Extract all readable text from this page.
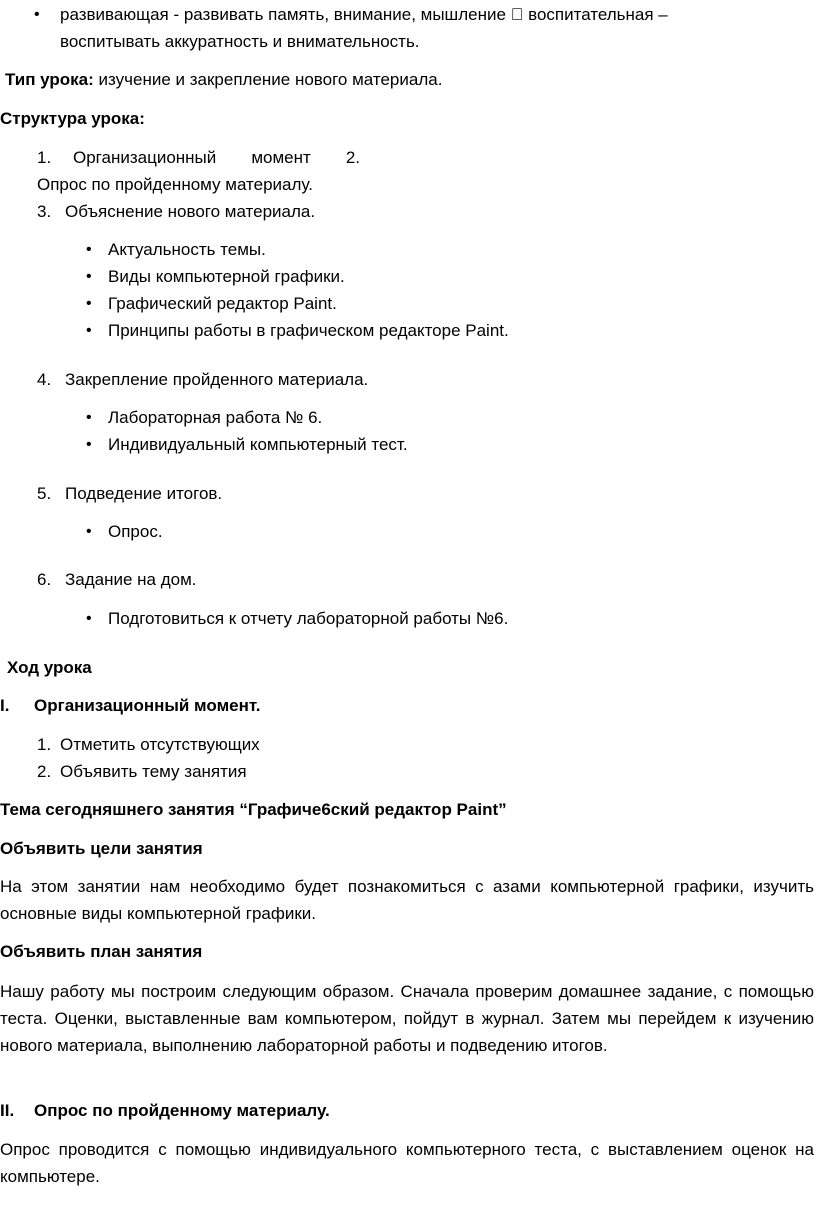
• развивающая - развивать память, внимание, мышление   воспитательная –
воспитывать аккуратность и внимательность.
Тип урока: изучение и закрепление нового материала.
Структура урока:
1. Организационный момент 2.
Опрос по пройденному материалу.
3. Объяснение нового материала.
• Актуальность темы.
• Виды компьютерной графики.
• Графический редактор Paint.
• Принципы работы в графическом редакторе Paint.
4. Закрепление пройденного материала.
• Лабораторная работа № 6.
• Индивидуальный компьютерный тест.
5. Подведение итогов.
• Опрос.
6. Задание на дом.
• Подготовиться к отчету лабораторной работы №6.
Ход урока
I. Организационный момент.
1. Отметить отсутствующих
2. Объявить тему занятия
Тема сегодняшнего занятия “Графиче6ский редактор Paint”
Объявить цели занятия
На этом занятии нам необходимо будет познакомиться с азами компьютерной графики, изучить основные виды компьютерной графики.
Объявить план занятия
Нашу работу мы построим следующим образом. Сначала проверим домашнее задание, с помощью теста. Оценки, выставленные вам компьютером, пойдут в журнал. Затем мы перейдем к изучению нового материала, выполнению лабораторной работы и подведению итогов.
II. Опрос по пройденному материалу.
Опрос проводится с помощью индивидуального компьютерного теста, с выставлением оценок на компьютере.
